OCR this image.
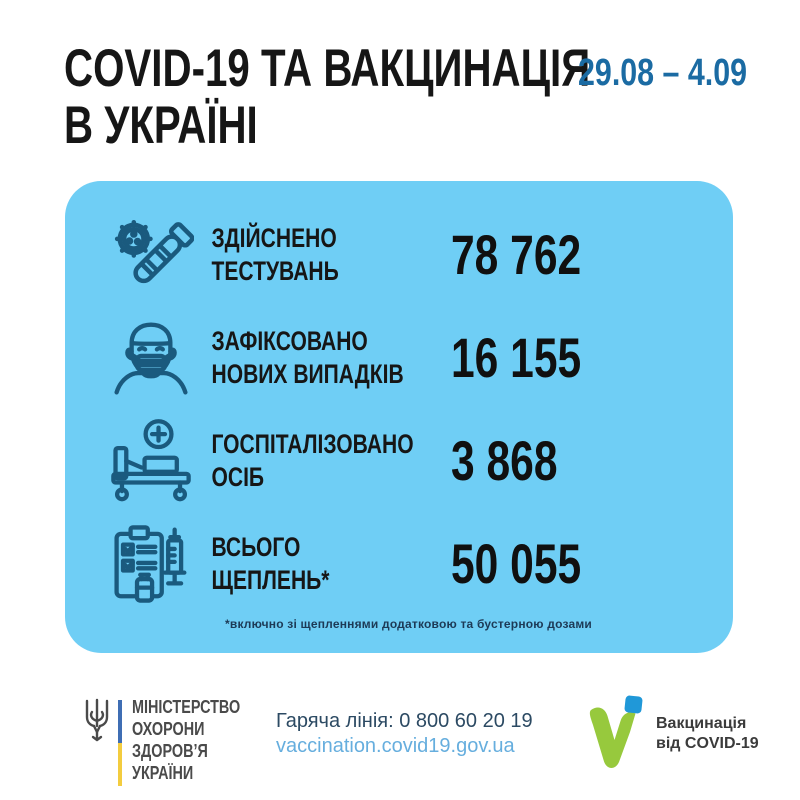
COVID-19 ТА ВАКЦИНАЦІЯ
В УКРАЇНІ
29.08 – 4.09
ЗДІЙСНЕНО
ТЕСТУВАНЬ	78 762
ЗАФІКСОВАНО
НОВИХ ВИПАДКІВ 16 155
ГОСПІТАЛІЗОВАНО
ОСІБ	3 868
ВСЬОГО
ЩЕПЛЕНЬ*	50 055
*включно зі щепленнями додатковою та бустерною дозами
МІНІСТЕРСТВО
ОХОРОНИ
ЗДОРОВ’Я
УКРАЇНИ
Гаряча лінія: 0 800 60 20 19
vaccination.covid19.gov.ua
Вакцинація
від COVID-19
